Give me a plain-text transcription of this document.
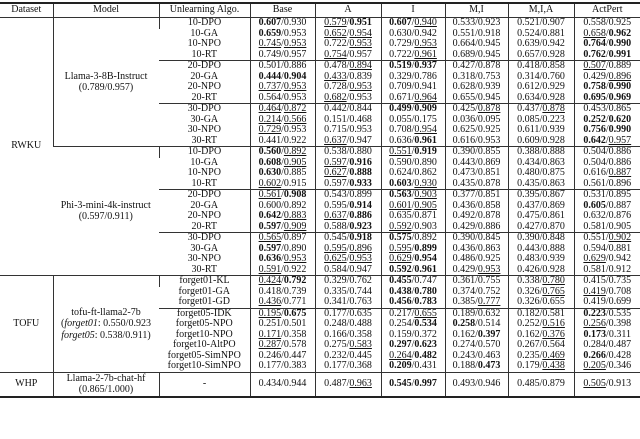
Dataset	Model	Unlearning Algo.	Base	A	I	M,I	M,I,A	ActPert
RWKU	Llama-3-8B-Instruct
(0.789/0.957)	10-DPO	0.607/0.930	0.579/0.951	0.607/0.940	0.533/0.923	0.521/0.907	0.558/0.925
		10-GA	0.659/0.953	0.652/0.954	0.630/0.942	0.551/0.918	0.524/0.881	0.658/0.962
		10-NPO	0.745/0.953	0.722/0.953	0.729/0.953	0.664/0.945	0.639/0.942	0.764/0.990
		10-RT	0.749/0.957	0.754/0.957	0.722/0.961	0.689/0.945	0.657/0.928	0.762/0.991
		20-DPO	0.501/0.886	0.478/0.894	0.519/0.937	0.427/0.878	0.418/0.858	0.507/0.889
		20-GA	0.444/0.904	0.433/0.839	0.329/0.786	0.318/0.753	0.314/0.760	0.429/0.896
		20-NPO	0.737/0.953	0.728/0.953	0.709/0.941	0.628/0.939	0.612/0.929	0.758/0.990
		20-RT	0.564/0.953	0.682/0.953	0.671/0.964	0.655/0.945	0.634/0.928	0.695/0.969
		30-DPO	0.464/0.872	0.442/0.844	0.499/0.909	0.425/0.878	0.437/0.878	0.453/0.865
		30-GA	0.214/0.566	0.151/0.468	0.055/0.175	0.036/0.095	0.085/0.223	0.252/0.620
		30-NPO	0.729/0.953	0.715/0.953	0.708/0.954	0.625/0.925	0.611/0.939	0.756/0.990
		30-RT	0.441/0.922	0.637/0.947	0.636/0.961	0.616/0.953	0.609/0.928	0.642/0.957

	Phi-3-mini-4k-instruct
(0.597/0.911)	10-DPO	0.560/0.892	0.538/0.880	0.551/0.919	0.390/0.855	0.388/0.888	0.504/0.886
		10-GA	0.608/0.905	0.597/0.916	0.590/0.890	0.443/0.869	0.434/0.863	0.504/0.886
		10-NPO	0.630/0.885	0.627/0.888	0.624/0.862	0.473/0.851	0.480/0.875	0.616/0.887
		10-RT	0.602/0.915	0.597/0.933	0.603/0.930	0.435/0.878	0.435/0.863	0.561/0.896
		20-DPO	0.561/0.908	0.543/0.899	0.563/0.903	0.377/0.851	0.395/0.867	0.531/0.895
		20-GA	0.600/0.892	0.595/0.914	0.601/0.905	0.436/0.858	0.437/0.869	0.605/0.887
		20-NPO	0.642/0.883	0.637/0.886	0.635/0.871	0.492/0.878	0.475/0.861	0.632/0.876
		20-RT	0.597/0.909	0.588/0.923	0.592/0.903	0.429/0.886	0.427/0.870	0.581/0.905
		30-DPO	0.565/0.897	0.545/0.918	0.575/0.892	0.390/0.845	0.390/0.848	0.551/0.902
		30-GA	0.597/0.890	0.595/0.896	0.595/0.899	0.436/0.863	0.443/0.888	0.594/0.881
		30-NPO	0.636/0.953	0.625/0.953	0.629/0.954	0.486/0.925	0.483/0.939	0.629/0.942
		30-RT	0.591/0.922	0.584/0.947	0.592/0.961	0.429/0.953	0.426/0.928	0.581/0.912
TOFU	tofu-ft-llama2-7b
(forget01: 0.550/0.923
forget05: 0.538/0.911)	forget01-KL	0.424/0.792	0.329/0.762	0.455/0.747	0.361/0.755	0.338/0.780	0.415/0.735
		forget01-GA	0.418/0.739	0.335/0.744	0.438/0.780	0.374/0.752	0.326/0.765	0.419/0.708
		forget01-GD	0.436/0.771	0.341/0.763	0.456/0.783	0.385/0.777	0.326/0.655	0.419/0.699
		forget05-IDK	0.195/0.675	0.177/0.635	0.217/0.655	0.189/0.632	0.182/0.581	0.223/0.535
		forget05-NPO	0.251/0.501	0.248/0.488	0.254/0.534	0.258/0.514	0.252/0.516	0.256/0.398
		forget10-NPO	0.171/0.358	0.166/0.358	0.159/0.372	0.162/0.397	0.162/0.376	0.173/0.311
		forget10-AltPO	0.287/0.578	0.275/0.583	0.297/0.623	0.274/0.570	0.267/0.564	0.284/0.487
		forget05-SimNPO	0.246/0.447	0.232/0.445	0.264/0.482	0.243/0.463	0.235/0.469	0.266/0.428
		forget10-SimNPO	0.177/0.383	0.177/0.368	0.209/0.431	0.188/0.473	0.179/0.438	0.205/0.346
WHP	Llama-2-7b-chat-hf
(0.865/1.000)	-	0.434/0.944	0.487/0.963	0.545/0.997	0.493/0.946	0.485/0.879	0.505/0.913
